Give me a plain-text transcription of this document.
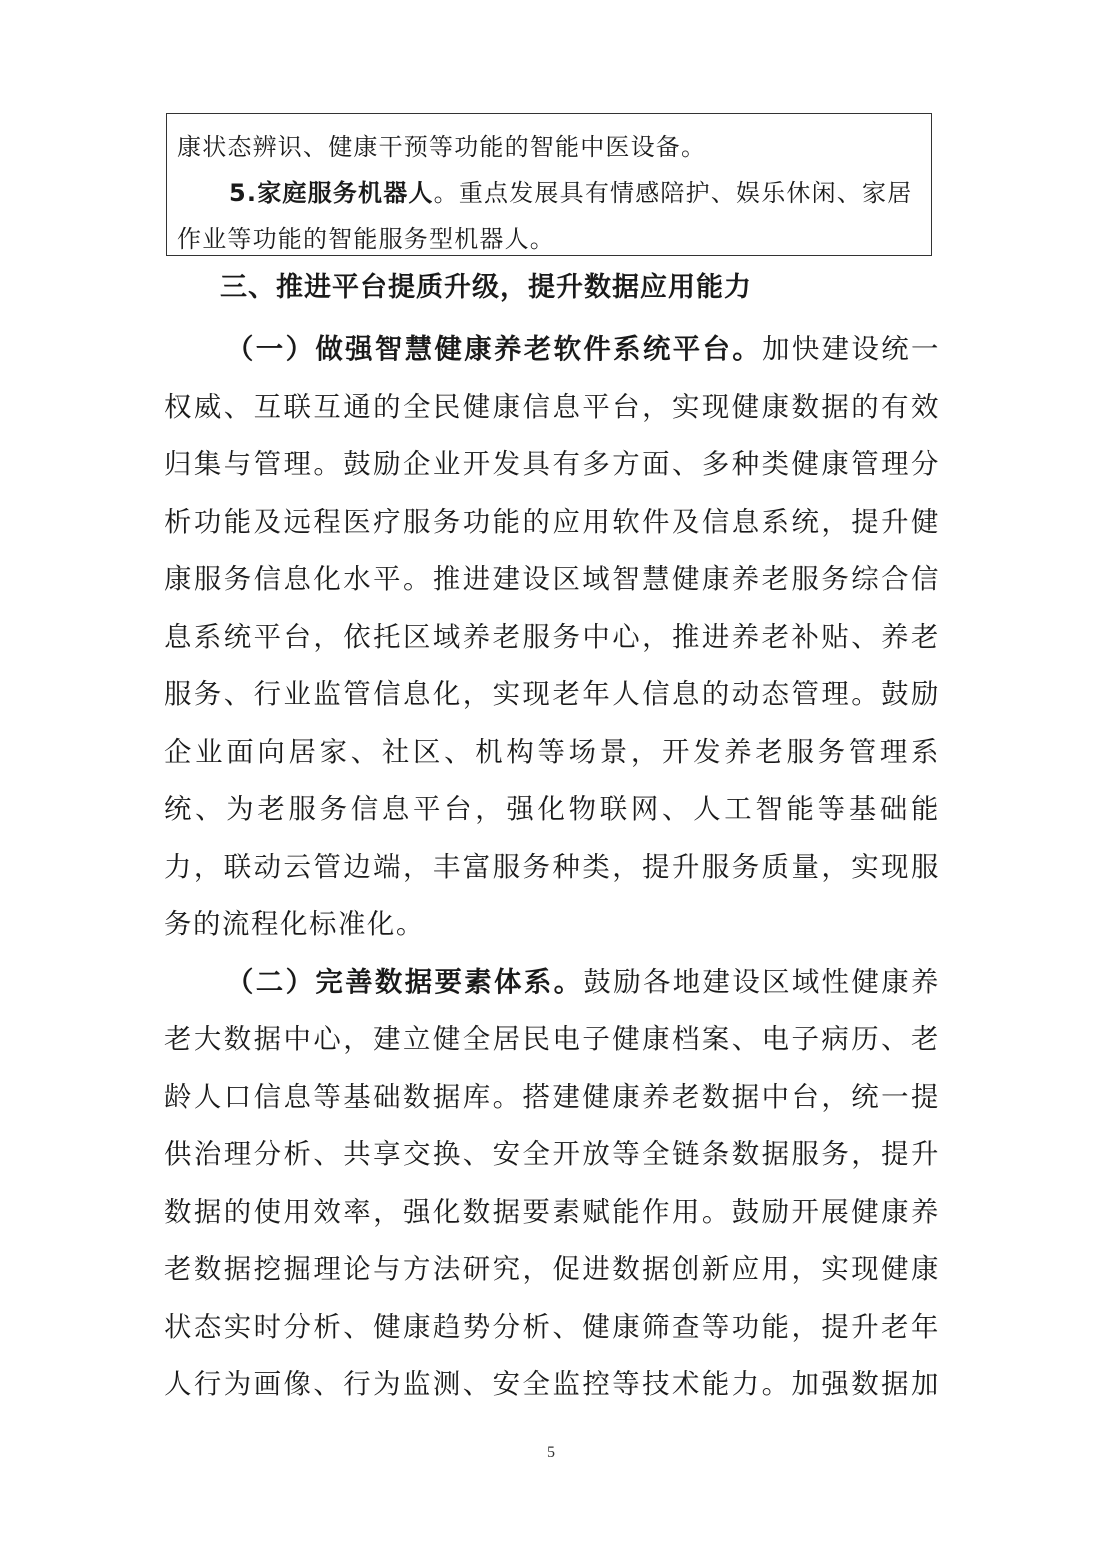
康状态辨识、健康干预等功能的智能中医设备。

5.家庭服务机器人。重点发展具有情感陪护、娱乐休闲、家居作业等功能的智能服务型机器人。

三、推进平台提质升级，提升数据应用能力

（一）做强智慧健康养老软件系统平台。加快建设统一权威、互联互通的全民健康信息平台，实现健康数据的有效归集与管理。鼓励企业开发具有多方面、多种类健康管理分析功能及远程医疗服务功能的应用软件及信息系统，提升健康服务信息化水平。推进建设区域智慧健康养老服务综合信息系统平台，依托区域养老服务中心，推进养老补贴、养老服务、行业监管信息化，实现老年人信息的动态管理。鼓励企业面向居家、社区、机构等场景，开发养老服务管理系统、为老服务信息平台，强化物联网、人工智能等基础能力，联动云管边端，丰富服务种类，提升服务质量，实现服务的流程化标准化。

（二）完善数据要素体系。鼓励各地建设区域性健康养老大数据中心，建立健全居民电子健康档案、电子病历、老龄人口信息等基础数据库。搭建健康养老数据中台，统一提供治理分析、共享交换、安全开放等全链条数据服务，提升数据的使用效率，强化数据要素赋能作用。鼓励开展健康养老数据挖掘理论与方法研究，促进数据创新应用，实现健康状态实时分析、健康趋势分析、健康筛查等功能，提升老年人行为画像、行为监测、安全监控等技术能力。加强数据加

5
